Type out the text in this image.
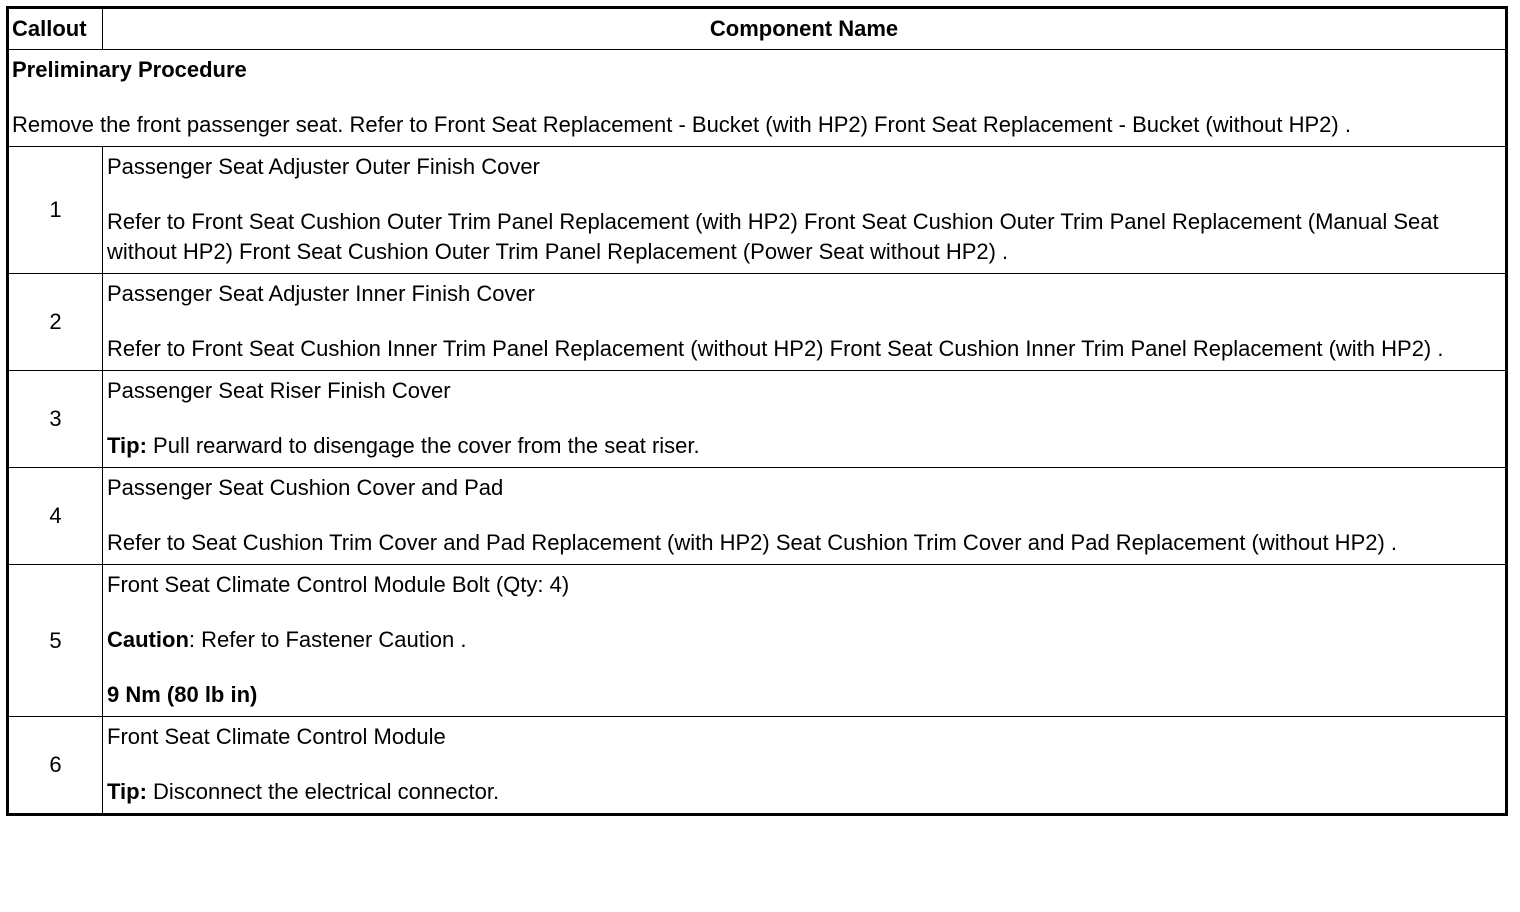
Callout	Component Name

Preliminary Procedure

Remove the front passenger seat. Refer to Front Seat Replacement - Bucket (with HP2) Front Seat Replacement - Bucket (without HP2) .	

1	Passenger Seat Adjuster Outer Finish Cover

Refer to Front Seat Cushion Outer Trim Panel Replacement (with HP2) Front Seat Cushion Outer Trim Panel Replacement (Manual Seat without HP2) Front Seat Cushion Outer Trim Panel Replacement (Power Seat without HP2) .

2	Passenger Seat Adjuster Inner Finish Cover

Refer to Front Seat Cushion Inner Trim Panel Replacement (without HP2) Front Seat Cushion Inner Trim Panel Replacement (with HP2) .

3	Passenger Seat Riser Finish Cover

Tip: Pull rearward to disengage the cover from the seat riser.

4	Passenger Seat Cushion Cover and Pad

Refer to Seat Cushion Trim Cover and Pad Replacement (with HP2) Seat Cushion Trim Cover and Pad Replacement (without HP2) .

5	Front Seat Climate Control Module Bolt (Qty: 4)

Caution: Refer to Fastener Caution .

9 Nm (80 lb in)

6	Front Seat Climate Control Module

Tip: Disconnect the electrical connector.
